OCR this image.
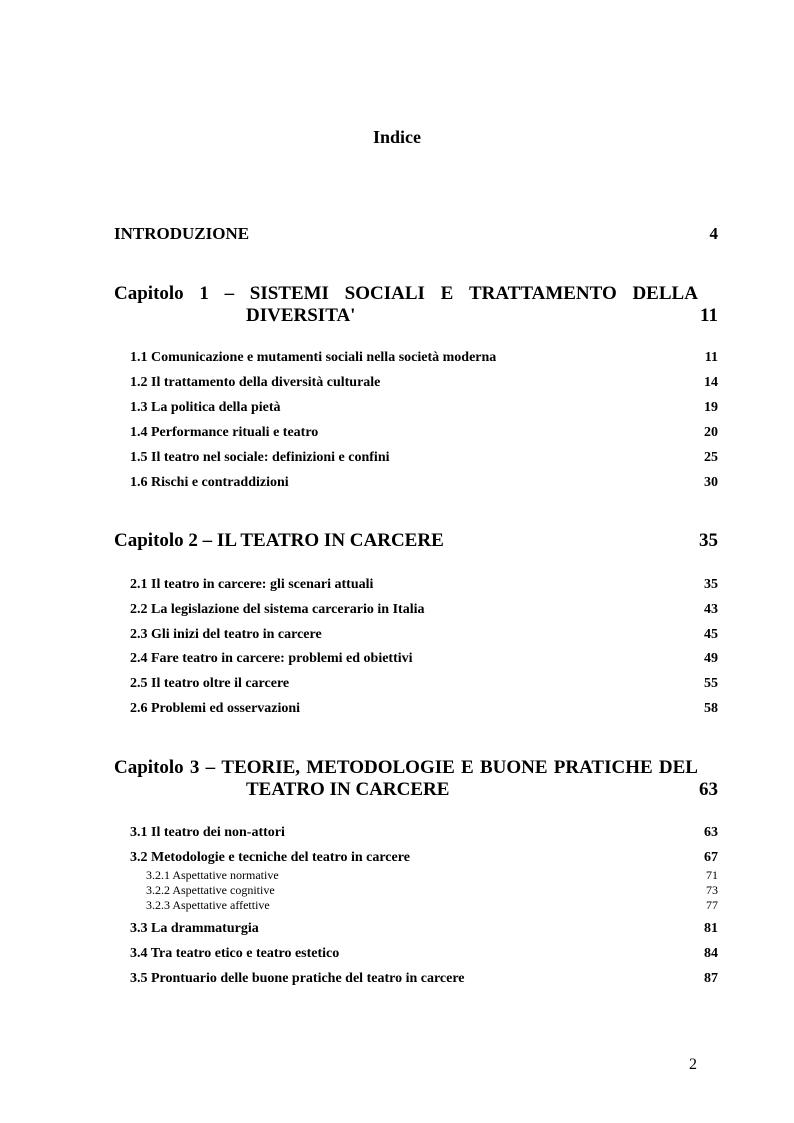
Indice
INTRODUZIONE	4
Capitolo 1 – SISTEMI SOCIALI E TRATTAMENTO DELLA
DIVERSITA'	11
1.1 Comunicazione e mutamenti sociali nella società moderna	11
1.2 Il trattamento della diversità culturale	14
1.3 La politica della pietà	19
1.4 Performance rituali e teatro	20
1.5 Il teatro nel sociale: definizioni e confini	25
1.6 Rischi e contraddizioni	30
Capitolo 2 – IL TEATRO IN CARCERE	35
2.1 Il teatro in carcere: gli scenari attuali	35
2.2 La legislazione del sistema carcerario in Italia	43
2.3 Gli inizi del teatro in carcere	45
2.4 Fare teatro in carcere: problemi ed obiettivi	49
2.5 Il teatro oltre il carcere	55
2.6 Problemi ed osservazioni	58
Capitolo 3 – TEORIE, METODOLOGIE E BUONE PRATICHE DEL
TEATRO IN CARCERE	63
3.1 Il teatro dei non-attori	63
3.2 Metodologie e tecniche del teatro in carcere	67
3.2.1 Aspettative normative	71
3.2.2 Aspettative cognitive	73
3.2.3 Aspettative affettive	77
3.3 La drammaturgia	81
3.4 Tra teatro etico e teatro estetico	84
3.5 Prontuario delle buone pratiche del teatro in carcere	87
2
